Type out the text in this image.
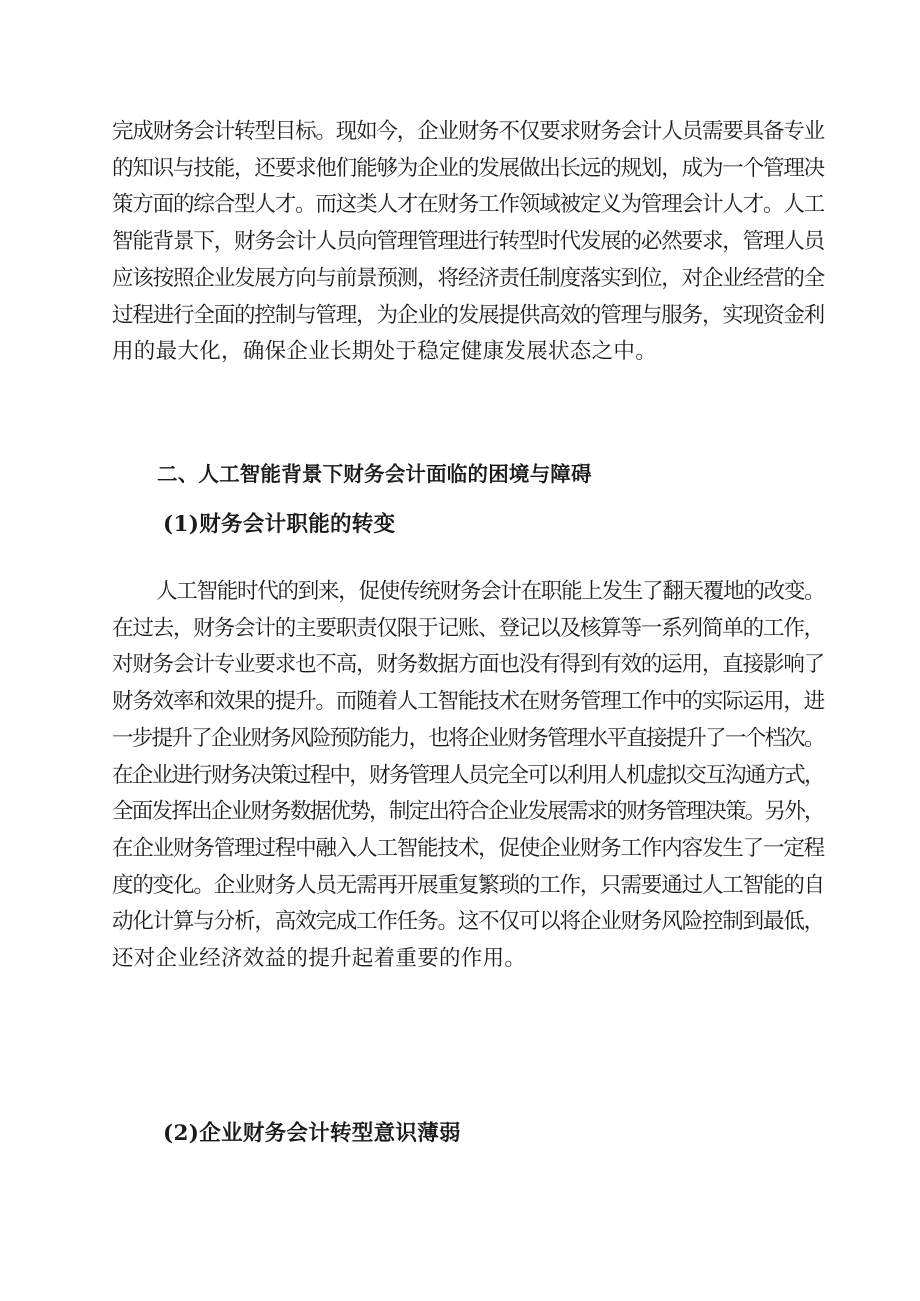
完成财务会计转型目标。现如今，企业财务不仅要求财务会计人员需要具备专业
的知识与技能，还要求他们能够为企业的发展做出长远的规划，成为一个管理决
策方面的综合型人才。而这类人才在财务工作领域被定义为管理会计人才。人工
智能背景下，财务会计人员向管理管理进行转型时代发展的必然要求，管理人员
应该按照企业发展方向与前景预测，将经济责任制度落实到位，对企业经营的全
过程进行全面的控制与管理，为企业的发展提供高效的管理与服务，实现资金利
用的最大化，确保企业长期处于稳定健康发展状态之中。
二、人工智能背景下财务会计面临的困境与障碍
(1)财务会计职能的转变
人工智能时代的到来，促使传统财务会计在职能上发生了翻天覆地的改变。
在过去，财务会计的主要职责仅限于记账、登记以及核算等一系列简单的工作，
对财务会计专业要求也不高，财务数据方面也没有得到有效的运用，直接影响了
财务效率和效果的提升。而随着人工智能技术在财务管理工作中的实际运用，进
一步提升了企业财务风险预防能力，也将企业财务管理水平直接提升了一个档次。
在企业进行财务决策过程中，财务管理人员完全可以利用人机虚拟交互沟通方式，
全面发挥出企业财务数据优势，制定出符合企业发展需求的财务管理决策。另外，
在企业财务管理过程中融入人工智能技术，促使企业财务工作内容发生了一定程
度的变化。企业财务人员无需再开展重复繁琐的工作，只需要通过人工智能的自
动化计算与分析，高效完成工作任务。这不仅可以将企业财务风险控制到最低，
还对企业经济效益的提升起着重要的作用。
(2)企业财务会计转型意识薄弱
